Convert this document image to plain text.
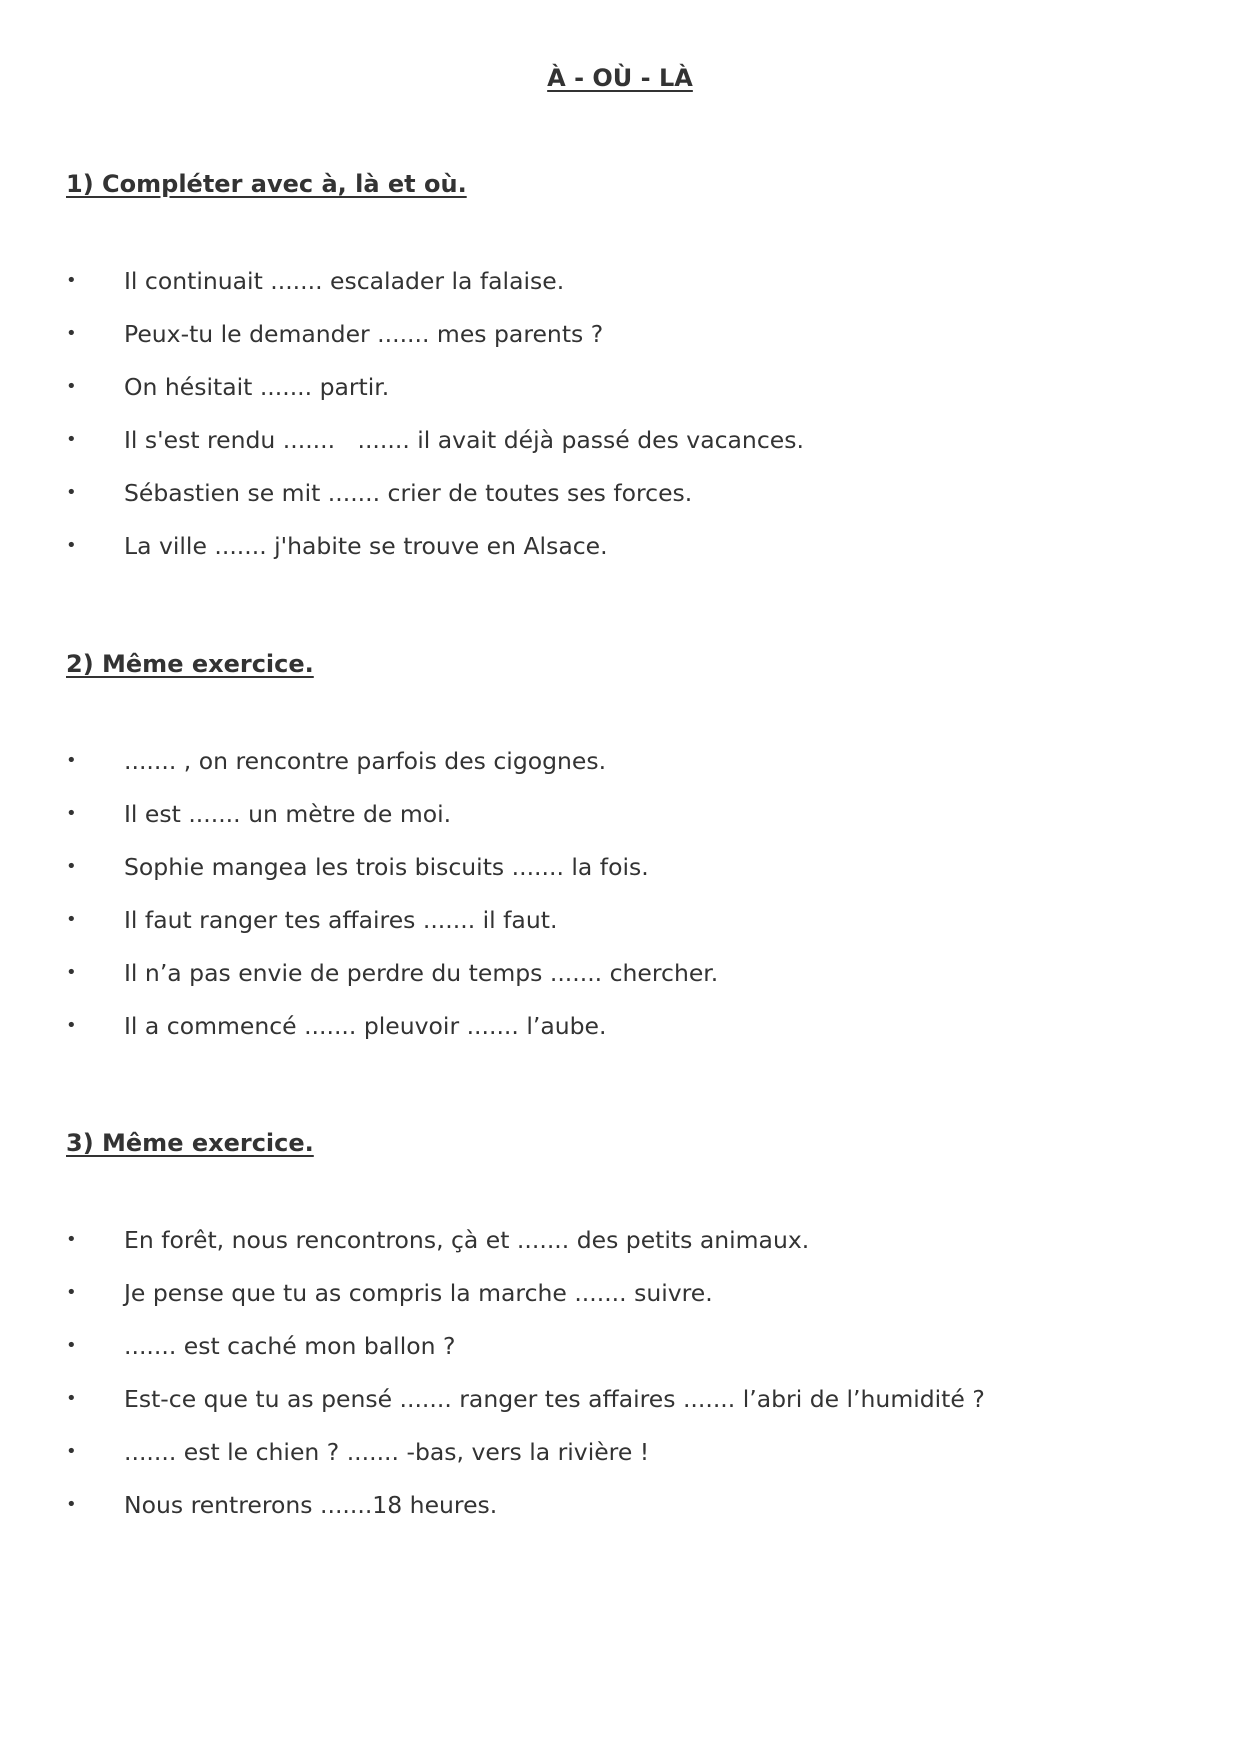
À - OÙ - LÀ
1) Compléter avec à, là et où.
• Il continuait ....... escalader la falaise.
• Peux-tu le demander ....... mes parents ?
• On hésitait ....... partir.
• Il s'est rendu .......   ....... il avait déjà passé des vacances.
• Sébastien se mit ....... crier de toutes ses forces.
• La ville ....... j'habite se trouve en Alsace.
2) Même exercice.
• ....... , on rencontre parfois des cigognes.
• Il est ....... un mètre de moi.
• Sophie mangea les trois biscuits ....... la fois.
• Il faut ranger tes affaires ....... il faut.
• Il n’a pas envie de perdre du temps ....... chercher.
• Il a commencé ....... pleuvoir ....... l’aube.
3) Même exercice.
• En forêt, nous rencontrons, çà et ....... des petits animaux.
• Je pense que tu as compris la marche ....... suivre.
• ....... est caché mon ballon ?
• Est-ce que tu as pensé ....... ranger tes affaires ....... l’abri de l’humidité ?
• ....... est le chien ? ....... -bas, vers la rivière !
• Nous rentrerons .......18 heures.
